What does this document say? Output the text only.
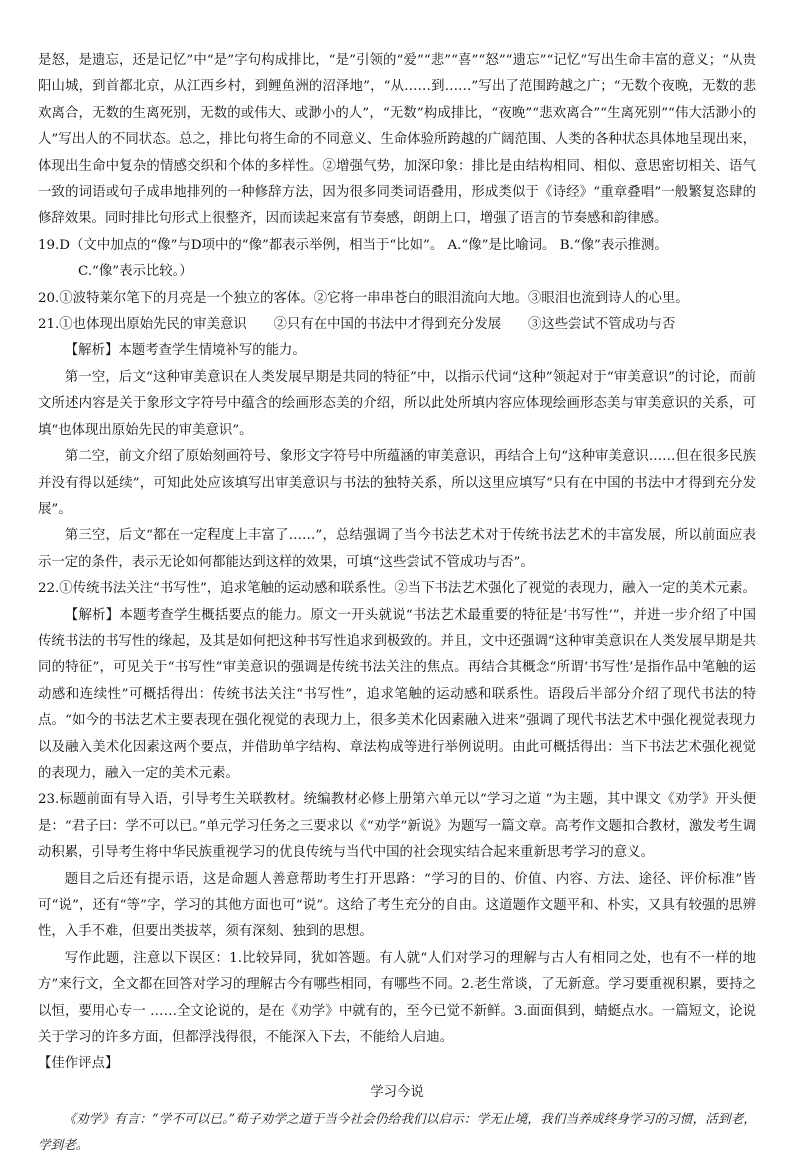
是怒，是遗忘，还是记忆”中“是”字句构成排比，“是”引领的“爱”“悲”“喜”“怒”“遗忘”“记忆”写出生命丰富的意义；“从贵阳山城，到首都北京，从江西乡村，到鲤鱼洲的沼泽地”，“从……到……”写出了范围跨越之广；“无数个夜晚，无数的悲欢离合，无数的生离死别，无数的或伟大、或渺小的人”，“无数”构成排比，“夜晚”“悲欢离合”“生离死别”“伟大活渺小的人”写出人的不同状态。总之，排比句将生命的不同意义、生命体验所跨越的广阔范围、人类的各种状态具体地呈现出来，体现出生命中复杂的情感交织和个体的多样性。②增强气势，加深印象：排比是由结构相同、相似、意思密切相关、语气一致的词语或句子成串地排列的一种修辞方法，因为很多同类词语叠用，形成类似于《诗经》“重章叠唱”一般繁复恣肆的修辞效果。同时排比句形式上很整齐，因而读起来富有节奏感，朗朗上口，增强了语言的节奏感和韵律感。

19.D（文中加点的“像”与D项中的“像”都表示举例，相当于“比如”。 A.“像”是比喻词。 B.“像”表示推测。

C.“像”表示比较。）

20.①波特莱尔笔下的月亮是一个独立的客体。②它将一串串苍白的眼泪流向大地。③眼泪也流到诗人的心里。

21.①也体现出原始先民的审美意识　　②只有在中国的书法中才得到充分发展　　③这些尝试不管成功与否

【解析】本题考查学生情境补写的能力。

第一空，后文“这种审美意识在人类发展早期是共同的特征”中，以指示代词“这种”领起对于“审美意识”的讨论，而前文所述内容是关于象形文字符号中蕴含的绘画形态美的介绍，所以此处所填内容应体现绘画形态美与审美意识的关系，可填“也体现出原始先民的审美意识”。

第二空，前文介绍了原始刻画符号、象形文字符号中所蕴涵的审美意识，再结合上句“这种审美意识……但在很多民族并没有得以延续”，可知此处应该填写出审美意识与书法的独特关系，所以这里应填写“只有在中国的书法中才得到充分发展”。

第三空，后文“都在一定程度上丰富了……”，总结强调了当今书法艺术对于传统书法艺术的丰富发展，所以前面应表示一定的条件，表示无论如何都能达到这样的效果，可填“这些尝试不管成功与否”。

22.①传统书法关注“书写性”，追求笔触的运动感和联系性。②当下书法艺术强化了视觉的表现力，融入一定的美术元素。

【解析】本题考查学生概括要点的能力。原文一开头就说“书法艺术最重要的特征是‘书写性’”，并进一步介绍了中国传统书法的书写性的缘起，及其是如何把这种书写性追求到极致的。并且，文中还强调“这种审美意识在人类发展早期是共同的特征”，可见关于“书写性”审美意识的强调是传统书法关注的焦点。再结合其概念“所谓‘书写性’是指作品中笔触的运动感和连续性”可概括得出：传统书法关注“书写性”，追求笔触的运动感和联系性。语段后半部分介绍了现代书法的特点。“如今的书法艺术主要表现在强化视觉的表现力上，很多美术化因素融入进来”强调了现代书法艺术中强化视觉表现力以及融入美术化因素这两个要点，并借助单字结构、章法构成等进行举例说明。由此可概括得出：当下书法艺术强化视觉的表现力，融入一定的美术元素。

23.标题前面有导入语，引导考生关联教材。统编教材必修上册第六单元以“学习之道 ”为主题，其中课文《劝学》开头便是：“君子曰：学不可以已。”单元学习任务之三要求以《“劝学”新说》为题写一篇文章。高考作文题扣合教材，激发考生调动积累，引导考生将中华民族重视学习的优良传统与当代中国的社会现实结合起来重新思考学习的意义。

题目之后还有提示语，这是命题人善意帮助考生打开思路：“学习的目的、价值、内容、方法、途径、评价标准”皆可“说”，还有“等”字，学习的其他方面也可“说”。这给了考生充分的自由。这道题作文题平和、朴实，又具有较强的思辨性，入手不难，但要出类拔萃，须有深刻、独到的思想。

写作此题，注意以下误区：1.比较异同，犹如答题。有人就“人们对学习的理解与古人有相同之处，也有不一样的地方”来行文，全文都在回答对学习的理解古今有哪些相同，有哪些不同。2.老生常谈，了无新意。学习要重视积累，要持之以恒，要用心专一 ……全文论说的，是在《劝学》中就有的，至今已觉不新鲜。3.面面俱到，蜻蜓点水。一篇短文，论说关于学习的许多方面，但都浮浅得很，不能深入下去，不能给人启迪。

【佳作评点】

学习今说

《劝学》有言：“学不可以已。”荀子劝学之道于当今社会仍给我们以启示：学无止境，我们当养成终身学习的习惯，活到老，学到老。
